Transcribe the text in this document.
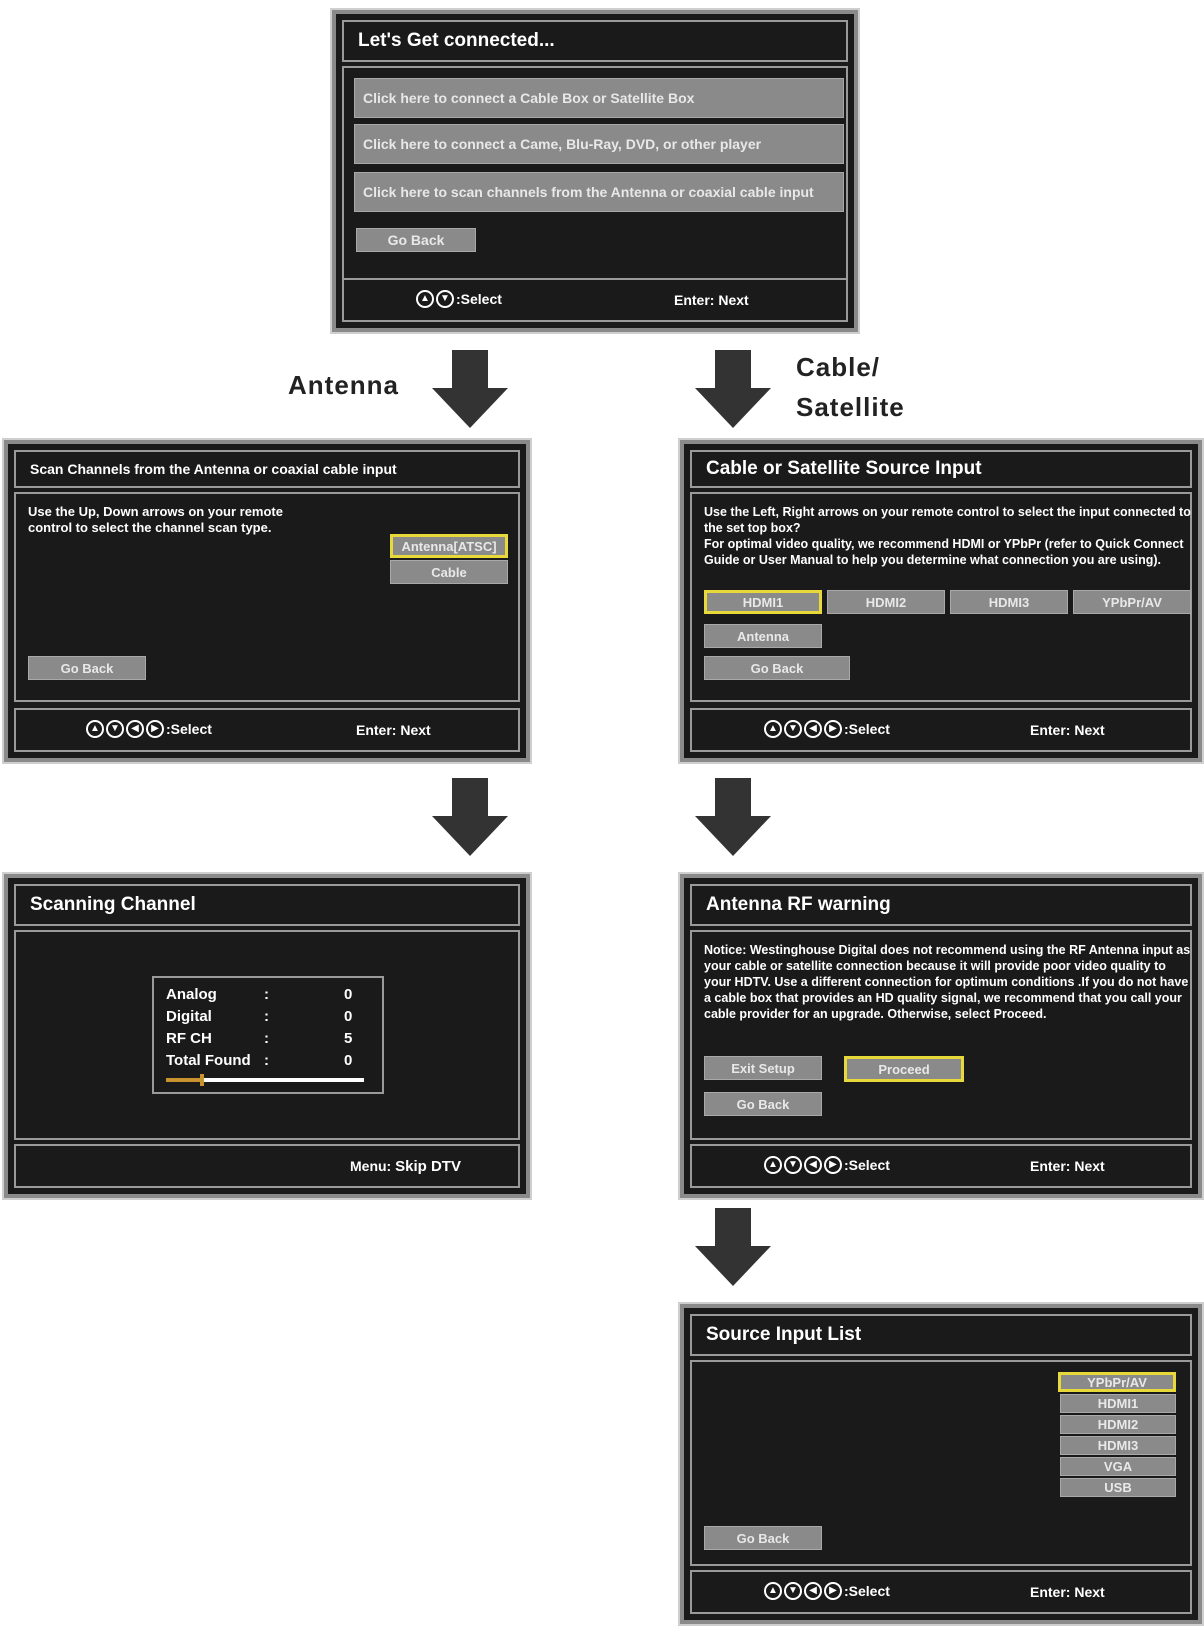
Let's Get connected...
Click here to connect a Cable Box or Satellite Box
Click here to connect a Came, Blu-Ray, DVD, or other player
Click here to scan channels from the Antenna or coaxial cable input
Go Back
▲	▼ :Select	Enter: Next
Antenna
Cable/
Satellite
Scan Channels from the Antenna or coaxial cable input
Use the Up, Down arrows on your remote control to select the channel scan type.
Antenna[ATSC]
Cable
Go Back
▲	▼	◀	▶ :Select	Enter: Next
Cable or Satellite Source Input
Use the Left, Right arrows on your remote control to select the input connected to the set top box?
For optimal video quality, we recommend HDMI or YPbPr (refer to Quick Connect Guide or User Manual to help you determine what connection you are using).
HDMI1	HDMI2	HDMI3	YPbPr/AV
Antenna
Go Back
▲	▼	◀	▶ :Select	Enter: Next
Scanning Channel
Analog	:	0
Digital	:	0
RF CH	:	5
Total Found :	0
Menu: Skip DTV
Antenna RF warning
Notice: Westinghouse Digital does not recommend using the RF Antenna input as your cable or satellite connection because it will provide poor video quality to your HDTV. Use a different connection for optimum conditions .If you do not have a cable box that provides an HD quality signal, we recommend that you call your cable provider for an upgrade. Otherwise, select Proceed.
Exit Setup	Proceed
Go Back
▲	▼	◀	▶ :Select	Enter: Next
Source Input List
YPbPr/AV
HDMI1
HDMI2
HDMI3
VGA
USB
Go Back
▲	▼	◀	▶ :Select	Enter: Next
